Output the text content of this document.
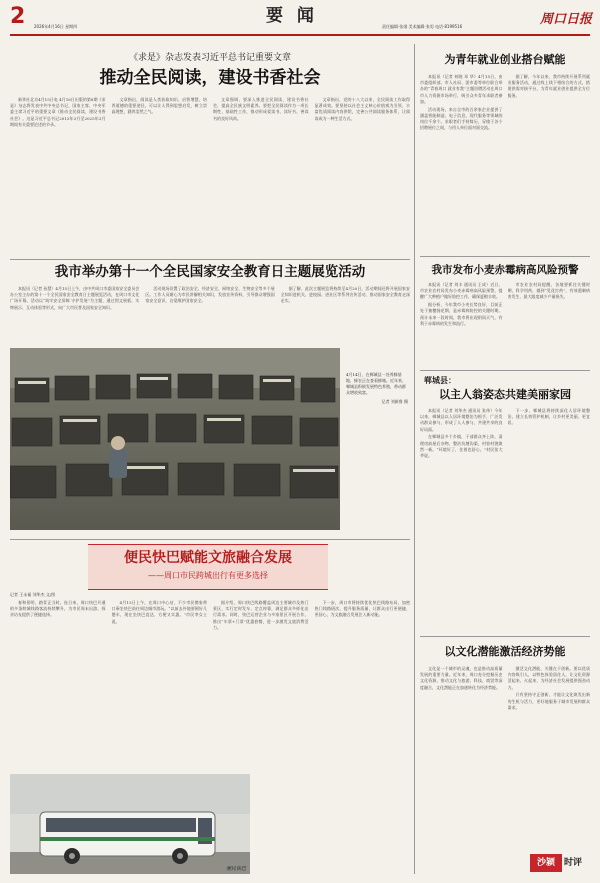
2 2026年4月16日 星期四
要 闻
责任编辑·张翊 美术编辑·张男 电话·8199516	周口日报
《求是》杂志发表习近平总书记重要文章
推动全民阅读，建设书香社会

新华社北京4月15日电 4月16日出版的第8期《求是》杂志将发表中共中央总书记、国家主席、中央军委主席习近平的重要文章《推动全民阅读，建设书香社会》。这是习近平总书记2013年3月至2025年3月期间有关重要论述的节录。

文章指出，阅读是人类获取知识、启智增慧、培养道德的重要途径，可以让人得到思想启发，树立崇高理想，涵养浩然之气。

文章强调，要深入推进全民阅读，建设书香社会，提高全民族文明素养。要把全民阅读作为一项长期性、基础性工作，推动形成爱读书、读好书、善读书的良好风尚。

文章指出，党的十八大以来，全民阅读工作取得显著成效。要坚持以社会主义核心价值观为引领，丰富优质阅读内容供给，完善公共阅读服务体系，让阅读成为一种生活方式。

我市举办第十一个全民国家安全教育日主题展览活动

本报讯（记者 孙慧）4月15日上午，由中共周口市委国家安全委员会办公室主办的第十一个全民国家安全教育日主题展览活动，在周口市文化广场开幕。活动以“筑牢安全屏障 守护发展”为主题，通过图文展板、实物展示、互动体验等形式，向广大市民普及国家安全知识。

活动现场设置了政治安全、经济安全、网络安全、生物安全等多个展区。工作人员耐心为市民讲解相关知识，发放宣传资料，引导群众增强国家安全意识，自觉维护国家安全。

据了解，此次主题展览将持续至4月20日，活动期间还将开展国家安全知识进机关、进校园、进社区等系列宣传活动，推动国家安全教育走深走实。

4月14日，在郸城县一处养蜂基地，蜂农正在查看蜂箱。近年来，郸城县积极发展特色养殖，带动群众增收致富。
记者 刘新鲁 摄
便民快巴赋能文旅融合发展
——周口市民跨城出行有更多选择
记者 王永福 刘华杰 文/图

春和景明，踏青正当时。连日来，周口快巴开通的多条跨城线路客流持续攀升，为市民周末出游、探亲访友提供了便捷选择。

4月13日上午，在周口中心站，不少市民携家带口乘坐快巴前往周边城市游玩。“以前去外地要倒好几趟车，现在坐快巴直达，方便又实惠。”市民李女士说。

据介绍，周口快巴线路覆盖周边主要城市及热门景区，实行定时发车、定点停靠，满足群众多样化出行需求。同时，快巴运营企业与多家景区开展合作，推出“车票+门票”优惠套餐，进一步激发文旅消费活力。

下一步，周口市将持续优化快巴线路布局，加密热门线路班次，提升服务质量，让群众出行更便捷、更舒心，为文旅融合发展注入新动能。

便民快巴
为青年就业创业搭台赋能

本报讯（记者 何晓 邓 华）4月15日，由市委组织部、市人社局、团市委等单位联合举办的“青春周口 就业有我”主题招聘活动在周口市人力资源市场举行，吸引众多青年求职者参加。

活动现场，来自全市的百余家企业提供了涵盖智能制造、电子信息、现代服务等领域的岗位千余个。求职者们手持简历，穿梭于各个招聘展位之间，与用人单位面对面交流。

据了解，今年以来，我市持续开展系列就业服务活动，通过线上线下相结合的方式，搭建供需对接平台，为青年就业创业提供全方位服务。

我市发布小麦赤霉病高风险预警

本报讯（记者 刘丰 通讯员 王成）近日，市农业农村局发布小麦赤霉病高风险预警，提醒广大种植户做好防控工作，确保夏粮丰收。

据分析，今年我市小麦长势良好，目前正处于抽穗扬花期，是赤霉病防控的关键时期。预计未来一段时间，我市将出现阴雨天气，有利于赤霉病的发生和流行。

市农业农村局提醒，各地要抓住关键时期，科学用药，做到“见花打药”，有效遏制病害发生，最大限度减少产量损失。

郸城县：
以主人翁姿态共建美丽家园

本报讯（记者 刘华杰 通讯员 张伟）今年以来，郸城县以人居环境整治为抓手，广泛发动群众参与，形成了人人参与、共建共享的良好局面。

在郸城县多个乡镇，干部群众齐上阵，清理房前屋后杂物，整治坑塘沟渠，村容村貌焕然一新。“环境好了，住着也舒心。”村民张大爷说。

下一步，郸城县将持续深化人居环境整治，建立长效管护机制，让乡村更美丽、更宜居。

以文化潜能激活经济势能

文化是一个城市的灵魂，也是推动高质量发展的重要力量。近年来，周口充分挖掘历史文化资源，推动文化与旅游、科技、商贸等深度融合，文化潜能正在加速转化为经济势能。

激活文化潜能，关键在于创新。要以优质内容吸引人，以特色体验留住人，让文化资源活起来、火起来，为经济社会发展提供强劲动力。

只有坚持守正创新，才能让文化焕发出新的生机与活力，更好地服务于城市发展和群众需求。

沙颍	时评
